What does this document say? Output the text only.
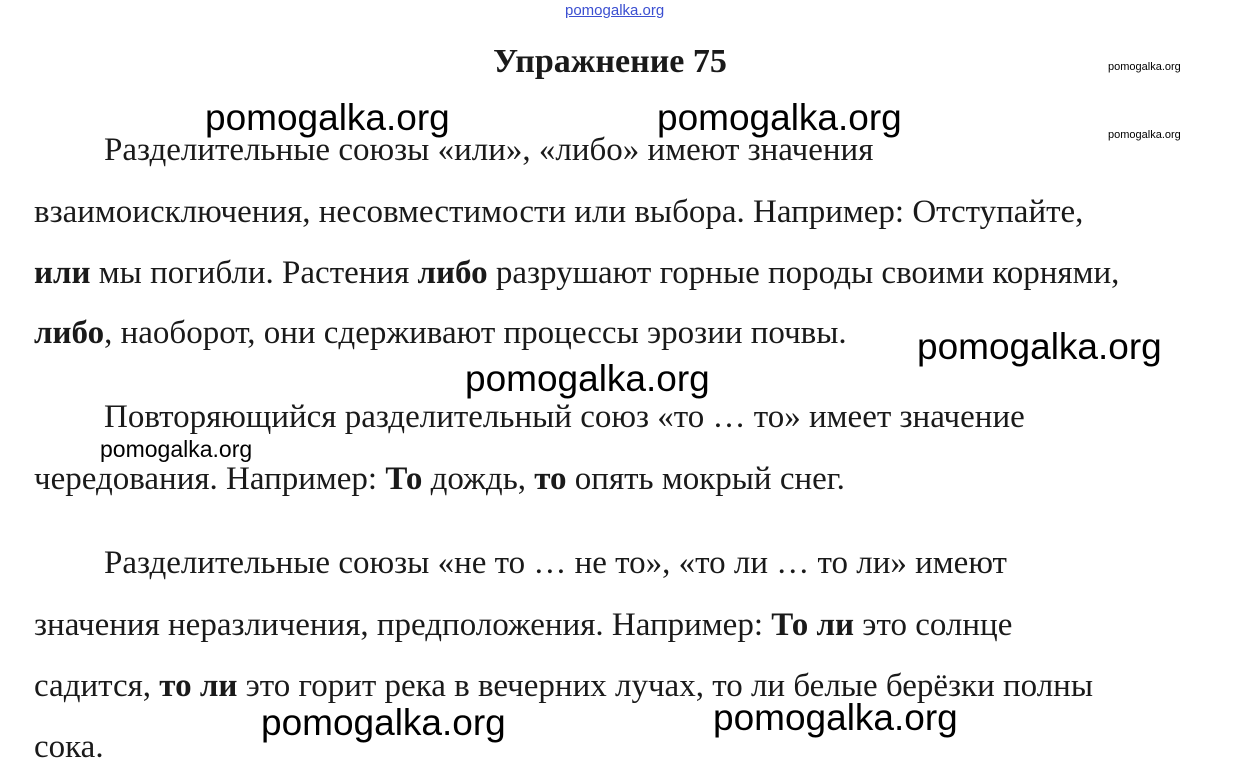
pomogalka.org
Упражнение 75	pomogalka.org
pomogalka.org
Разделительные союзы «или», «либо» имеют значения
взаимоисключения, несовместимости или выбора. Например: Отступайте,
или мы погибли. Растения либо разрушают горные породы своими корнями,
либо, наоборот, они сдерживают процессы эрозии почвы.
Повторяющийся разделительный союз «то … то» имеет значение
чередования. Например: То дождь, то опять мокрый снег.
Разделительные союзы «не то … не то», «то ли … то ли» имеют
значения неразличения, предположения. Например: То ли это солнце
садится, то ли это горит река в вечерних лучах, то ли белые берёзки полны
сока.
pomogalka.org	pomogalka.org
pomogalka.org
pomogalka.org
pomogalka.org
pomogalka.org	pomogalka.org
